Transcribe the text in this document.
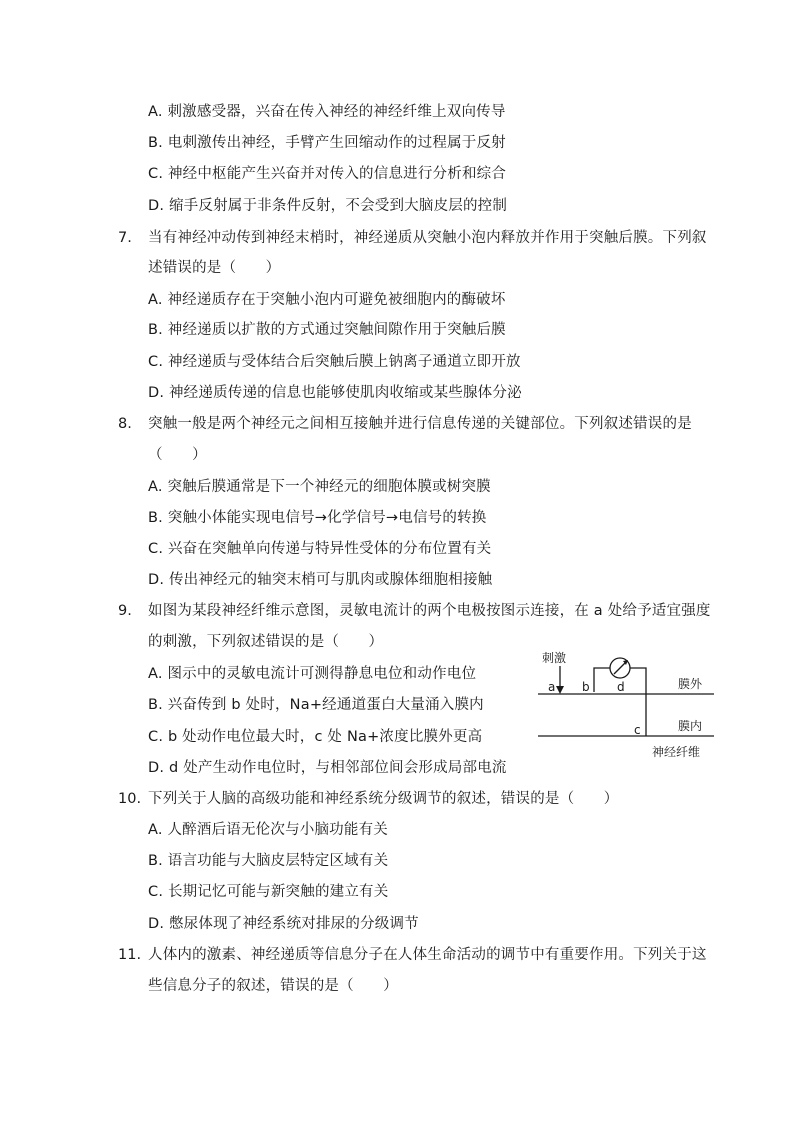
A. 刺激感受器，兴奋在传入神经的神经纤维上双向传导
B. 电刺激传出神经，手臂产生回缩动作的过程属于反射
C. 神经中枢能产生兴奋并对传入的信息进行分析和综合
D. 缩手反射属于非条件反射，不会受到大脑皮层的控制
7. 当有神经冲动传到神经末梢时，神经递质从突触小泡内释放并作用于突触后膜。下列叙
述错误的是（　　）
A. 神经递质存在于突触小泡内可避免被细胞内的酶破坏
B. 神经递质以扩散的方式通过突触间隙作用于突触后膜
C. 神经递质与受体结合后突触后膜上钠离子通道立即开放
D. 神经递质传递的信息也能够使肌肉收缩或某些腺体分泌
8. 突触一般是两个神经元之间相互接触并进行信息传递的关键部位。下列叙述错误的是
（　　）
A. 突触后膜通常是下一个神经元的细胞体膜或树突膜
B. 突触小体能实现电信号→化学信号→电信号的转换
C. 兴奋在突触单向传递与特异性受体的分布位置有关
D. 传出神经元的轴突末梢可与肌肉或腺体细胞相接触
9. 如图为某段神经纤维示意图，灵敏电流计的两个电极按图示连接，在 a 处给予适宜强度
的刺激，下列叙述错误的是（　　）
A. 图示中的灵敏电流计可测得静息电位和动作电位
B. 兴奋传到 b 处时，Na+经通道蛋白大量涌入膜内
C. b 处动作电位最大时，c 处 Na+浓度比膜外更高
D. d 处产生动作电位时，与相邻部位间会形成局部电流
刺激
a b d
c
膜外
膜内
神经纤维
10. 下列关于人脑的高级功能和神经系统分级调节的叙述，错误的是（　　）
A. 人醉酒后语无伦次与小脑功能有关
B. 语言功能与大脑皮层特定区域有关
C. 长期记忆可能与新突触的建立有关
D. 憋尿体现了神经系统对排尿的分级调节
11. 人体内的激素、神经递质等信息分子在人体生命活动的调节中有重要作用。下列关于这
些信息分子的叙述，错误的是（　　）
